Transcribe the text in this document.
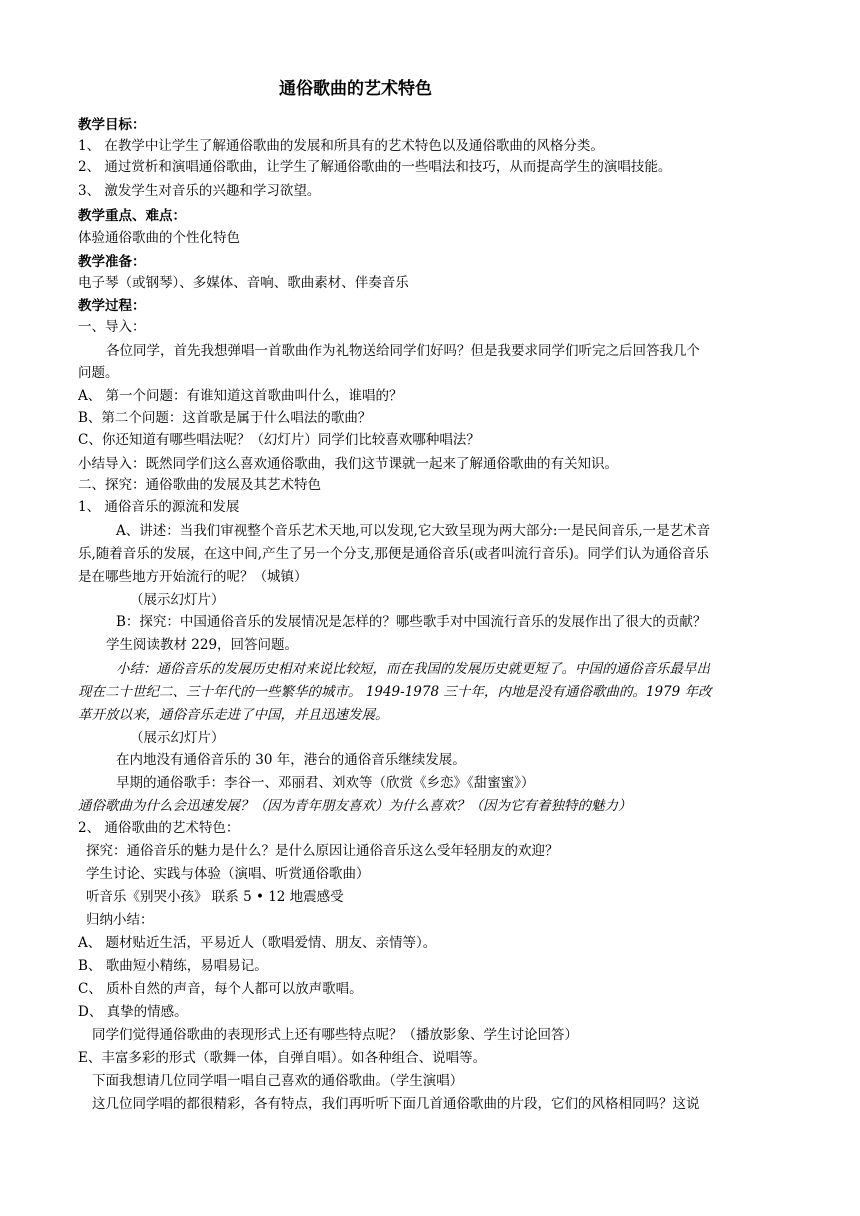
通俗歌曲的艺术特色
教学目标：
1、 在教学中让学生了解通俗歌曲的发展和所具有的艺术特色以及通俗歌曲的风格分类。
2、 通过赏析和演唱通俗歌曲，让学生了解通俗歌曲的一些唱法和技巧，从而提高学生的演唱技能。
3、 激发学生对音乐的兴趣和学习欲望。
教学重点、难点：
体验通俗歌曲的个性化特色
教学准备：
电子琴（或钢琴）、多媒体、音响、歌曲素材、伴奏音乐
教学过程：
一、导入：
各位同学，首先我想弹唱一首歌曲作为礼物送给同学们好吗？但是我要求同学们听完之后回答我几个
问题。
A、 第一个问题：有谁知道这首歌曲叫什么，谁唱的？
B、第二个问题：这首歌是属于什么唱法的歌曲？
C、你还知道有哪些唱法呢？（幻灯片）同学们比较喜欢哪种唱法？
小结导入：既然同学们这么喜欢通俗歌曲，我们这节课就一起来了解通俗歌曲的有关知识。
二、探究：通俗歌曲的发展及其艺术特色
1、 通俗音乐的源流和发展
A、讲述：当我们审视整个音乐艺术天地,可以发现,它大致呈现为两大部分:一是民间音乐,一是艺术音
乐,随着音乐的发展，在这中间,产生了另一个分支,那便是通俗音乐(或者叫流行音乐)。同学们认为通俗音乐
是在哪些地方开始流行的呢？（城镇）
（展示幻灯片）
B：探究：中国通俗音乐的发展情况是怎样的？哪些歌手对中国流行音乐的发展作出了很大的贡献？
学生阅读教材 229，回答问题。
小结：通俗音乐的发展历史相对来说比较短，而在我国的发展历史就更短了。中国的通俗音乐最早出
现在二十世纪二、三十年代的一些繁华的城市。 1949-1978 三十年，内地是没有通俗歌曲的。1979 年改
革开放以来，通俗音乐走进了中国，并且迅速发展。
（展示幻灯片）
在内地没有通俗音乐的 30 年，港台的通俗音乐继续发展。
早期的通俗歌手：李谷一、邓丽君、刘欢等（欣赏《乡恋》《甜蜜蜜》）
通俗歌曲为什么会迅速发展？（因为青年朋友喜欢）为什么喜欢？（因为它有着独特的魅力）
2、 通俗歌曲的艺术特色：
探究：通俗音乐的魅力是什么？是什么原因让通俗音乐这么受年轻朋友的欢迎？
学生讨论、实践与体验（演唱、听赏通俗歌曲）
听音乐《别哭小孩》 联系 5 • 12 地震感受
归纳小结：
A、 题材贴近生活，平易近人（歌唱爱情、朋友、亲情等）。
B、 歌曲短小精练，易唱易记。
C、 质朴自然的声音，每个人都可以放声歌唱。
D、 真挚的情感。
同学们觉得通俗歌曲的表现形式上还有哪些特点呢？（播放影象、学生讨论回答）
E、丰富多彩的形式（歌舞一体，自弹自唱）。如各种组合、说唱等。
下面我想请几位同学唱一唱自己喜欢的通俗歌曲。（学生演唱）
这几位同学唱的都很精彩，各有特点，我们再听听下面几首通俗歌曲的片段，它们的风格相同吗？这说
